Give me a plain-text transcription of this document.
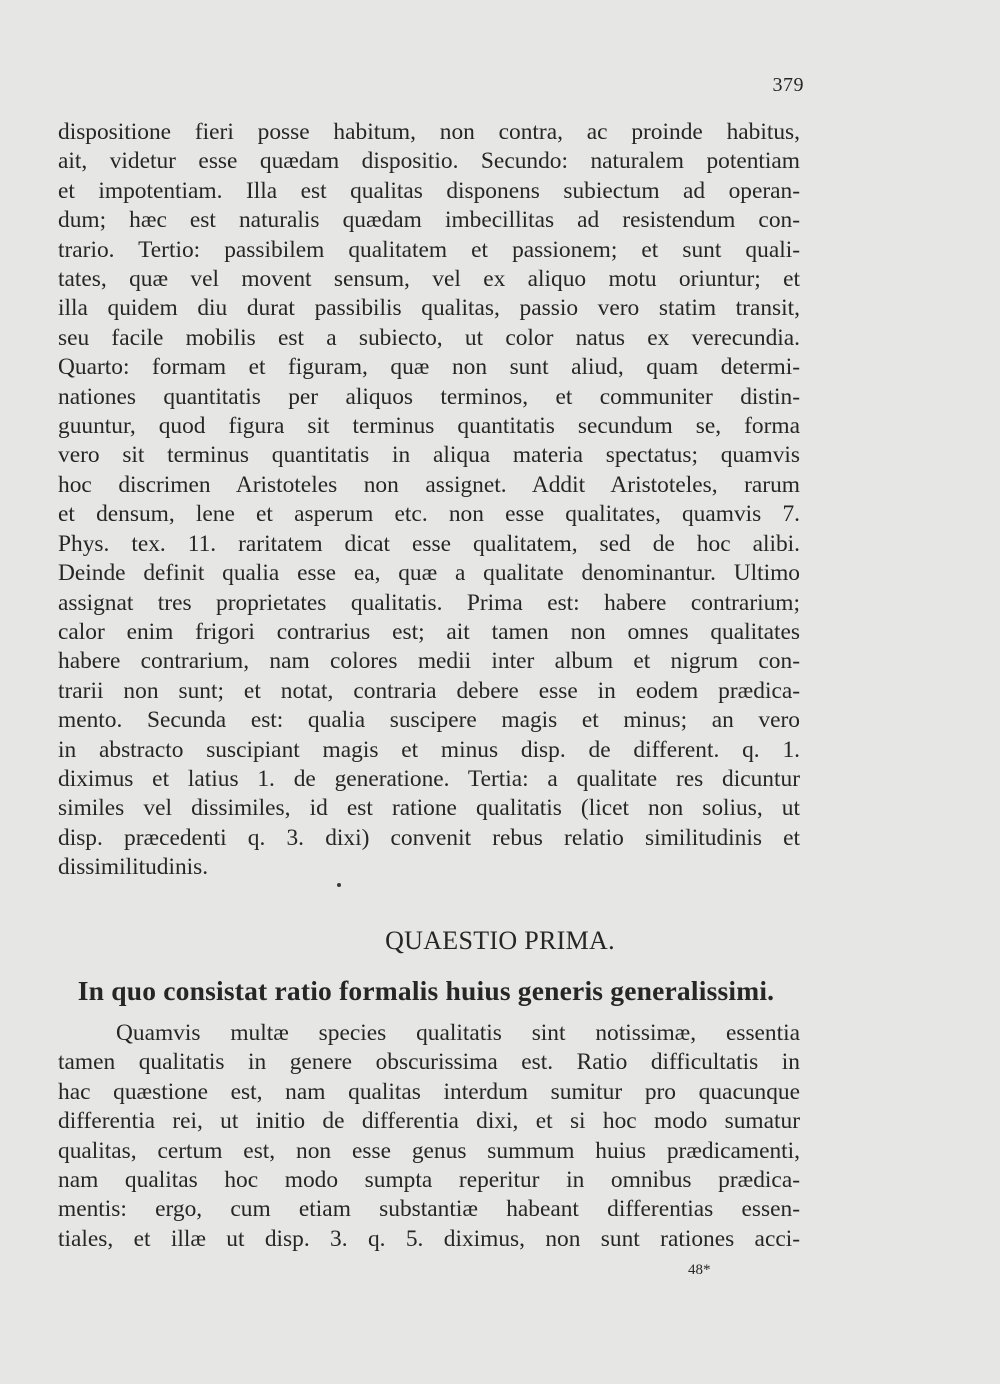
379
dispositione fieri posse habitum, non contra, ac proinde habitus,
ait, videtur esse quædam dispositio. Secundo: naturalem potentiam
et impotentiam. Illa est qualitas disponens subiectum ad operan-
dum; hæc est naturalis quædam imbecillitas ad resistendum con-
trario. Tertio: passibilem qualitatem et passionem; et sunt quali-
tates, quæ vel movent sensum, vel ex aliquo motu oriuntur; et
illa quidem diu durat passibilis qualitas, passio vero statim transit,
seu facile mobilis est a subiecto, ut color natus ex verecundia.
Quarto: formam et figuram, quæ non sunt aliud, quam determi-
nationes quantitatis per aliquos terminos, et communiter distin-
guuntur, quod figura sit terminus quantitatis secundum se, forma
vero sit terminus quantitatis in aliqua materia spectatus; quamvis
hoc discrimen Aristoteles non assignet. Addit Aristoteles, rarum
et densum, lene et asperum etc. non esse qualitates, quamvis 7.
Phys. tex. 11. raritatem dicat esse qualitatem, sed de hoc alibi.
Deinde definit qualia esse ea, quæ a qualitate denominantur. Ultimo
assignat tres proprietates qualitatis. Prima est: habere contrarium;
calor enim frigori contrarius est; ait tamen non omnes qualitates
habere contrarium, nam colores medii inter album et nigrum con-
trarii non sunt; et notat, contraria debere esse in eodem prædica-
mento. Secunda est: qualia suscipere magis et minus; an vero
in abstracto suscipiant magis et minus disp. de different. q. 1.
diximus et latius 1. de generatione. Tertia: a qualitate res dicuntur
similes vel dissimiles, id est ratione qualitatis (licet non solius, ut
disp. præcedenti q. 3. dixi) convenit rebus relatio similitudinis et
dissimilitudinis.
QUAESTIO PRIMA.
In quo consistat ratio formalis huius generis generalissimi.
Quamvis multæ species qualitatis sint notissimæ, essentia
tamen qualitatis in genere obscurissima est. Ratio difficultatis in
hac quæstione est, nam qualitas interdum sumitur pro quacunque
differentia rei, ut initio de differentia dixi, et si hoc modo sumatur
qualitas, certum est, non esse genus summum huius prædicamenti,
nam qualitas hoc modo sumpta reperitur in omnibus prædica-
mentis: ergo, cum etiam substantiæ habeant differentias essen-
tiales, et illæ ut disp. 3. q. 5. diximus, non sunt rationes acci-
48*
